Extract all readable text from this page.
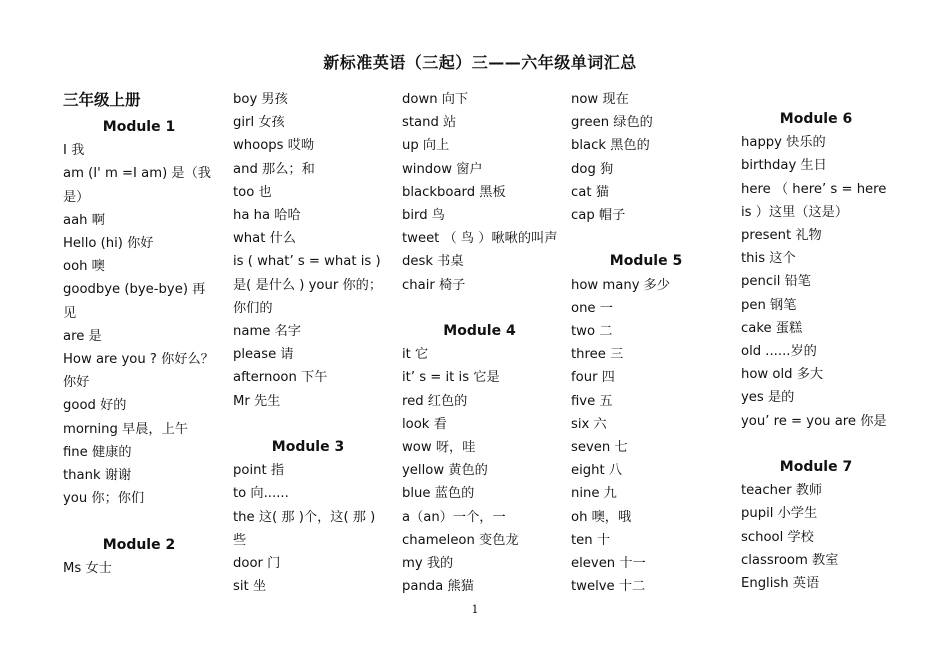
新标准英语（三起）三——六年级单词汇总
三年级上册
Module 1
I 我
am (I' m =I am) 是（我是）
aah 啊
Hello (hi) 你好
ooh 噢
goodbye (bye-bye) 再见
are 是
How are you ? 你好么？你好
good 好的
morning 早晨，上午
fine 健康的
thank 谢谢
you 你；你们
Module 2
Ms 女士
boy 男孩
girl 女孩
whoops 哎呦
and 那么；和
too 也
ha ha 哈哈
what 什么
is ( what’ s = what is )
是( 是什么 ) your 你的；
你们的
name 名字
please 请
afternoon 下午
Mr 先生
Module 3
point 指
to 向......
the 这( 那 )个，这( 那 )
些
door 门
sit 坐
down 向下
stand 站
up 向上
window 窗户
blackboard 黑板
bird 鸟
tweet （ 鸟 ）啾啾的叫声
desk 书桌
chair 椅子
Module 4
it 它
it’ s = it is 它是
red 红色的
look 看
wow 呀，哇
yellow 黄色的
blue 蓝色的
a（an）一个，一
chameleon 变色龙
my 我的
panda 熊猫
now 现在
green 绿色的
black 黑色的
dog 狗
cat 猫
cap 帽子
Module 5
how many 多少
one 一
two 二
three 三
four 四
five 五
six 六
seven 七
eight 八
nine 九
oh 噢，哦
ten 十
eleven 十一
twelve 十二
Module 6
happy 快乐的
birthday 生日
here （ here’ s = here
is ）这里（这是）
present 礼物
this 这个
pencil 铅笔
pen 钢笔
cake 蛋糕
old ......岁的
how old 多大
yes 是的
you’ re = you are 你是
Module 7
teacher 教师
pupil 小学生
school 学校
classroom 教室
English 英语
1
